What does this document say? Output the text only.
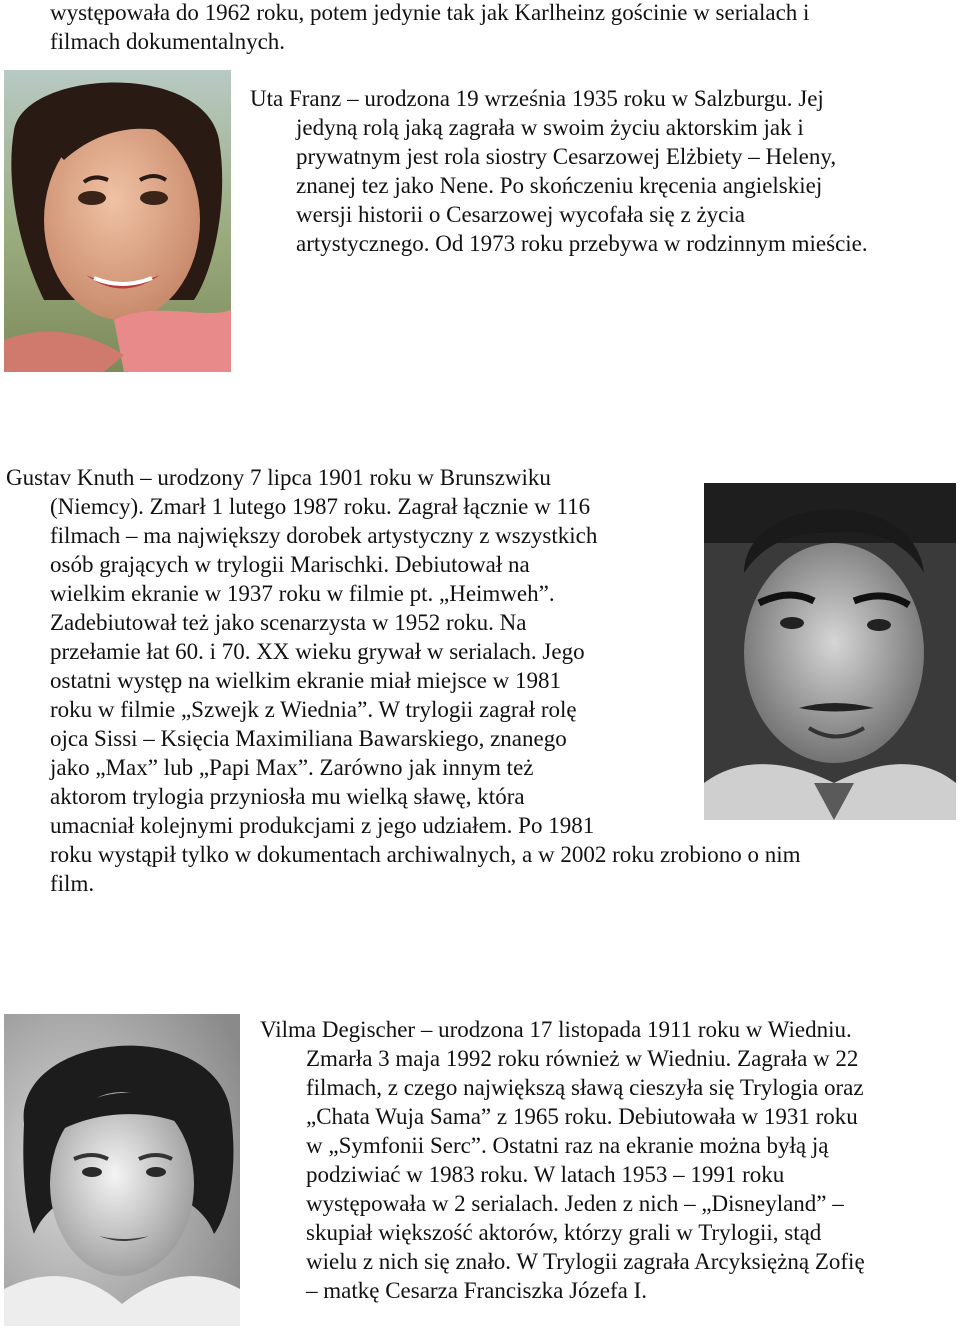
występowała do 1962 roku, potem jedynie tak jak Karlheinz gościnie w serialach i
filmach dokumentalnych.
Uta Franz – urodzona 19 września 1935 roku w Salzburgu. Jej
jedyną rolą jaką zagrała w swoim życiu aktorskim jak i
prywatnym jest rola siostry Cesarzowej Elżbiety – Heleny,
znanej tez jako Nene. Po skończeniu kręcenia angielskiej
wersji historii o Cesarzowej wycofała się z życia
artystycznego. Od 1973 roku przebywa w rodzinnym mieście.
Gustav Knuth – urodzony 7 lipca 1901 roku w Brunszwiku
(Niemcy). Zmarł 1 lutego 1987 roku. Zagrał łącznie w 116
filmach – ma największy dorobek artystyczny z wszystkich
osób grających w trylogii Marischki. Debiutował na
wielkim ekranie w 1937 roku w filmie pt. „Heimweh”.
Zadebiutował też jako scenarzysta w 1952 roku. Na
przełamie łat 60. i 70. XX wieku grywał w serialach. Jego
ostatni występ na wielkim ekranie miał miejsce w 1981
roku w filmie „Szwejk z Wiednia”. W trylogii zagrał rolę
ojca Sissi – Księcia Maximiliana Bawarskiego, znanego
jako „Max” lub „Papi Max”. Zarówno jak innym też
aktorom trylogia przyniosła mu wielką sławę, która
umacniał kolejnymi produkcjami z jego udziałem. Po 1981
roku wystąpił tylko w dokumentach archiwalnych, a w 2002 roku zrobiono o nim
film.
Vilma Degischer – urodzona 17 listopada 1911 roku w Wiedniu.
Zmarła 3 maja 1992 roku również w Wiedniu. Zagrała w 22
filmach, z czego największą sławą cieszyła się Trylogia oraz
„Chata Wuja Sama” z 1965 roku. Debiutowała w 1931 roku
w „Symfonii Serc”. Ostatni raz na ekranie można byłą ją
podziwiać w 1983 roku. W latach 1953 – 1991 roku
występowała w 2 serialach. Jeden z nich – „Disneyland” –
skupiał większość aktorów, którzy grali w Trylogii, stąd
wielu z nich się znało. W Trylogii zagrała Arcyksiężną Zofię
– matkę Cesarza Franciszka Józefa I.
